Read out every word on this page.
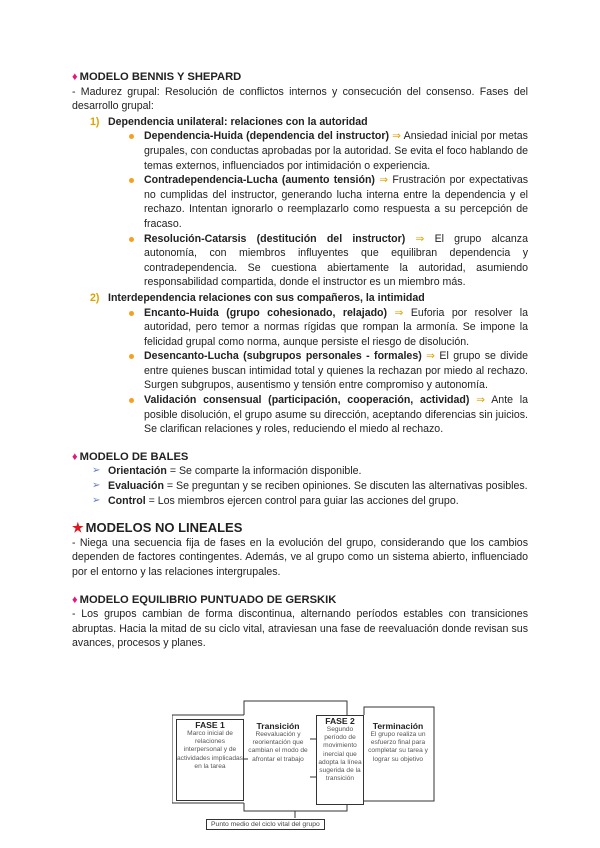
♦ MODELO BENNIS Y SHEPARD
- Madurez grupal: Resolución de conflictos internos y consecución del consenso. Fases del desarrollo grupal:
1) Dependencia unilateral: relaciones con la autoridad
Dependencia-Huida (dependencia del instructor) ⇒ Ansiedad inicial por metas grupales, con conductas aprobadas por la autoridad. Se evita el foco hablando de temas externos, influenciados por intimidación o experiencia.
Contradependencia-Lucha (aumento tensión) ⇒ Frustración por expectativas no cumplidas del instructor, generando lucha interna entre la dependencia y el rechazo. Intentan ignorarlo o reemplazarlo como respuesta a su percepción de fracaso.
Resolución-Catarsis (destitución del instructor) ⇒ El grupo alcanza autonomía, con miembros influyentes que equilibran dependencia y contradependencia. Se cuestiona abiertamente la autoridad, asumiendo responsabilidad compartida, donde el instructor es un miembro más.
2) Interdependencia relaciones con sus compañeros, la intimidad
Encanto-Huida (grupo cohesionado, relajado) ⇒ Euforia por resolver la autoridad, pero temor a normas rígidas que rompan la armonía. Se impone la felicidad grupal como norma, aunque persiste el riesgo de disolución.
Desencanto-Lucha (subgrupos personales - formales) ⇒ El grupo se divide entre quienes buscan intimidad total y quienes la rechazan por miedo al rechazo. Surgen subgrupos, ausentismo y tensión entre compromiso y autonomía.
Validación consensual (participación, cooperación, actividad) ⇒ Ante la posible disolución, el grupo asume su dirección, aceptando diferencias sin juicios. Se clarifican relaciones y roles, reduciendo el miedo al rechazo.
♦ MODELO DE BALES
➢ Orientación = Se comparte la información disponible.
➢ Evaluación = Se preguntan y se reciben opiniones. Se discuten las alternativas posibles.
➢ Control = Los miembros ejercen control para guiar las acciones del grupo.
★ MODELOS NO LINEALES
- Niega una secuencia fija de fases en la evolución del grupo, considerando que los cambios dependen de factores contingentes. Además, ve al grupo como un sistema abierto, influenciado por el entorno y las relaciones intergrupales.
♦ MODELO EQUILIBRIO PUNTUADO DE GERSKIK
- Los grupos cambian de forma discontinua, alternando períodos estables con transiciones abruptas. Hacia la mitad de su ciclo vital, atraviesan una fase de reevaluación donde revisan sus avances, procesos y planes.
FASE 1
Marco inicial de relaciones interpersonal y de actividades implicadas en la tarea
Transición
Reevaluación y reorientación que cambian el modo de afrontar el trabajo
FASE 2
Segundo período de movimiento inercial que adopta la línea sugerida de la transición
Terminación
El grupo realiza un esfuerzo final para completar su tarea y lograr su objetivo
Punto medio del ciclo vital del grupo
